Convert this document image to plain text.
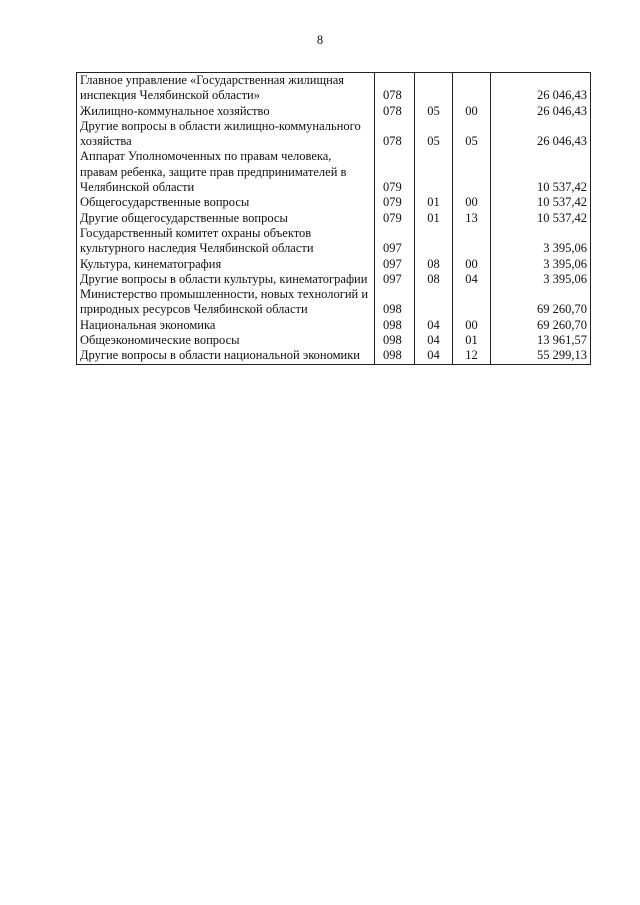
8
Главное управление «Государственная жилищная инспекция Челябинской области»	078			26 046,43
Жилищно-коммунальное хозяйство	078	05	00	26 046,43
Другие вопросы в области жилищно-коммунального хозяйства	078	05	05	26 046,43
Аппарат Уполномоченных по правам человека, правам ребенка, защите прав предпринимателей в Челябинской области	079			10 537,42
Общегосударственные вопросы	079	01	00	10 537,42
Другие общегосударственные вопросы	079	01	13	10 537,42
Государственный комитет охраны объектов культурного наследия Челябинской области	097			3 395,06
Культура, кинематография	097	08	00	3 395,06
Другие вопросы в области культуры, кинематографии	097	08	04	3 395,06
Министерство промышленности, новых технологий и природных ресурсов Челябинской области	098			69 260,70
Национальная экономика	098	04	00	69 260,70
Общеэкономические вопросы	098	04	01	13 961,57
Другие вопросы в области национальной экономики	098	04	12	55 299,13
